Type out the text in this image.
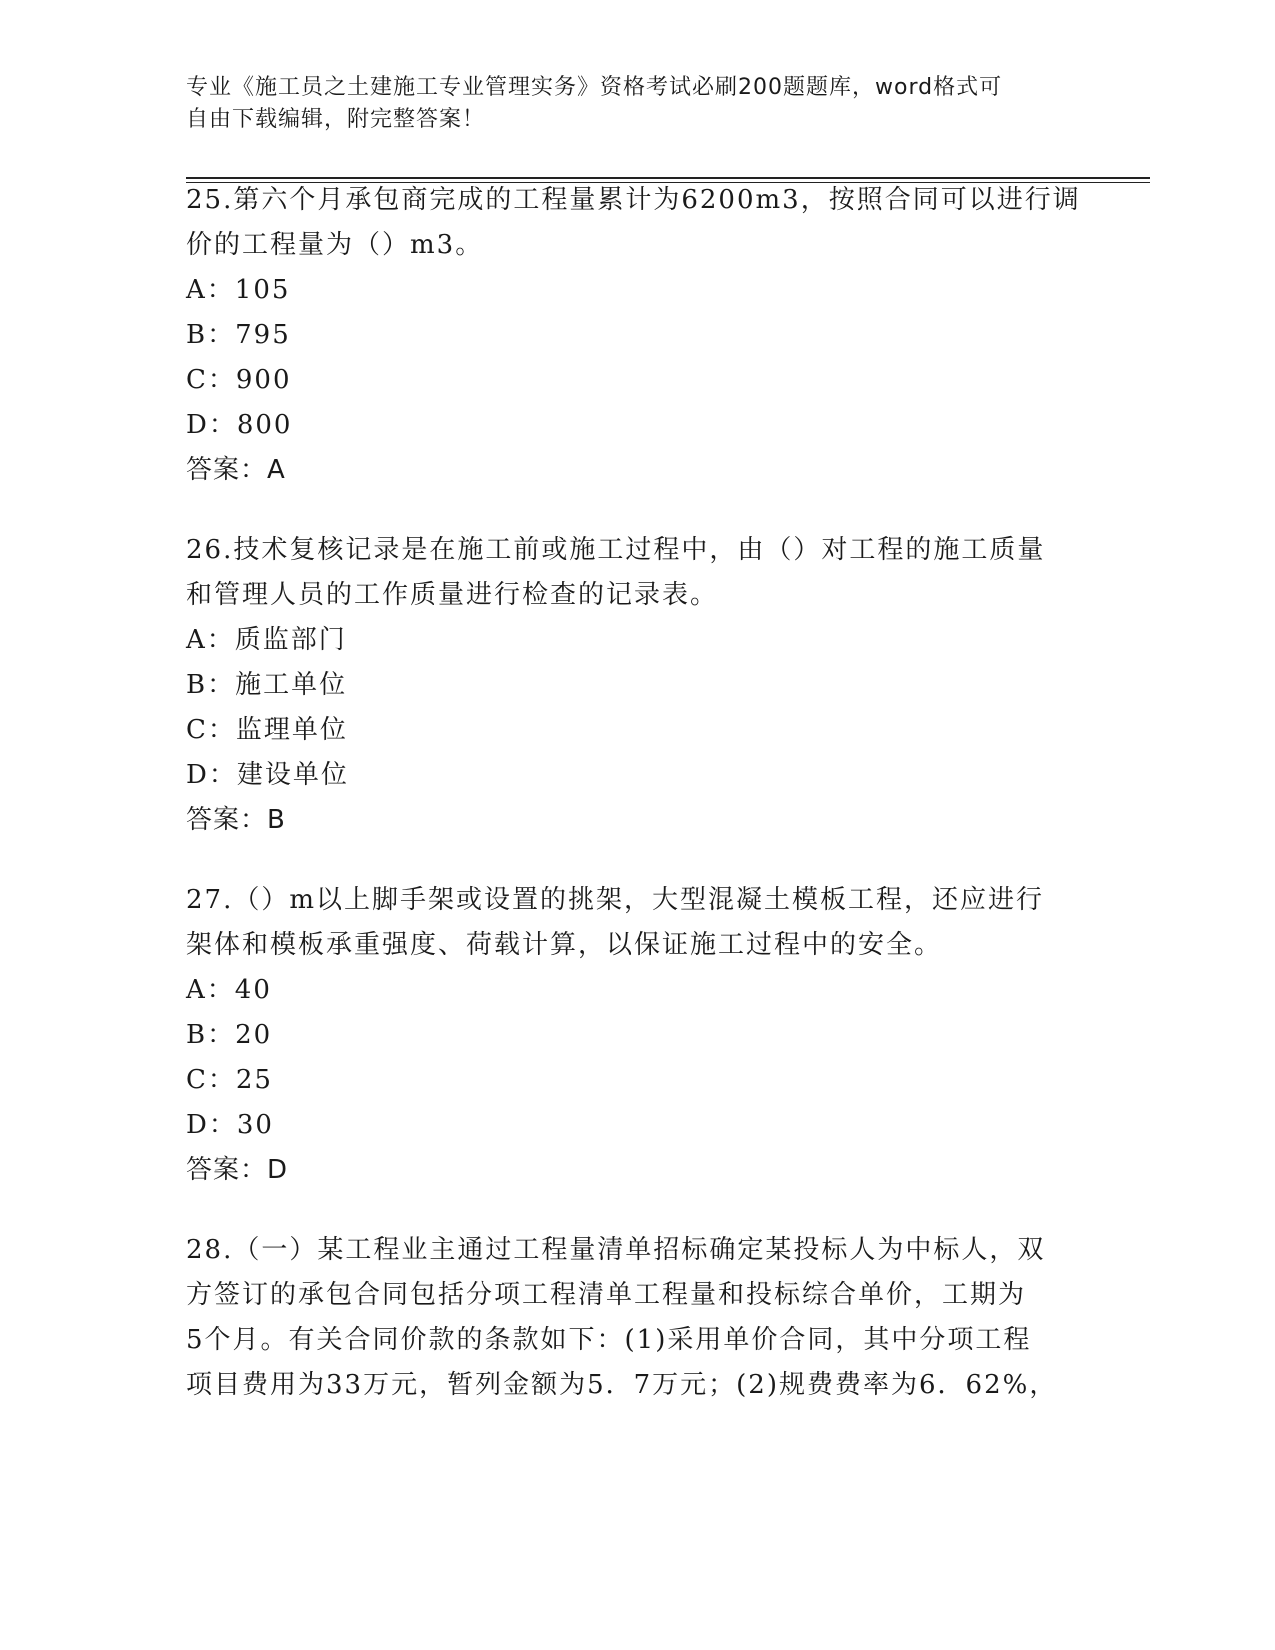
专业《施工员之土建施工专业管理实务》资格考试必刷200题题库，word格式可
自由下载编辑，附完整答案！
25.第六个月承包商完成的工程量累计为6200m3，按照合同可以进行调
价的工程量为（）m3。
A：105
B：795
C：900
D：800
答案：A
26.技术复核记录是在施工前或施工过程中，由（）对工程的施工质量
和管理人员的工作质量进行检查的记录表。
A：质监部门
B：施工单位
C：监理单位
D：建设单位
答案：B
27.（）m以上脚手架或设置的挑架，大型混凝土模板工程，还应进行
架体和模板承重强度、荷载计算，以保证施工过程中的安全。
A：40
B：20
C：25
D：30
答案：D
28.（一）某工程业主通过工程量清单招标确定某投标人为中标人，双
方签订的承包合同包括分项工程清单工程量和投标综合单价，工期为
5个月。有关合同价款的条款如下：(1)采用单价合同，其中分项工程
项目费用为33万元，暂列金额为5．7万元；(2)规费费率为6．62%，
